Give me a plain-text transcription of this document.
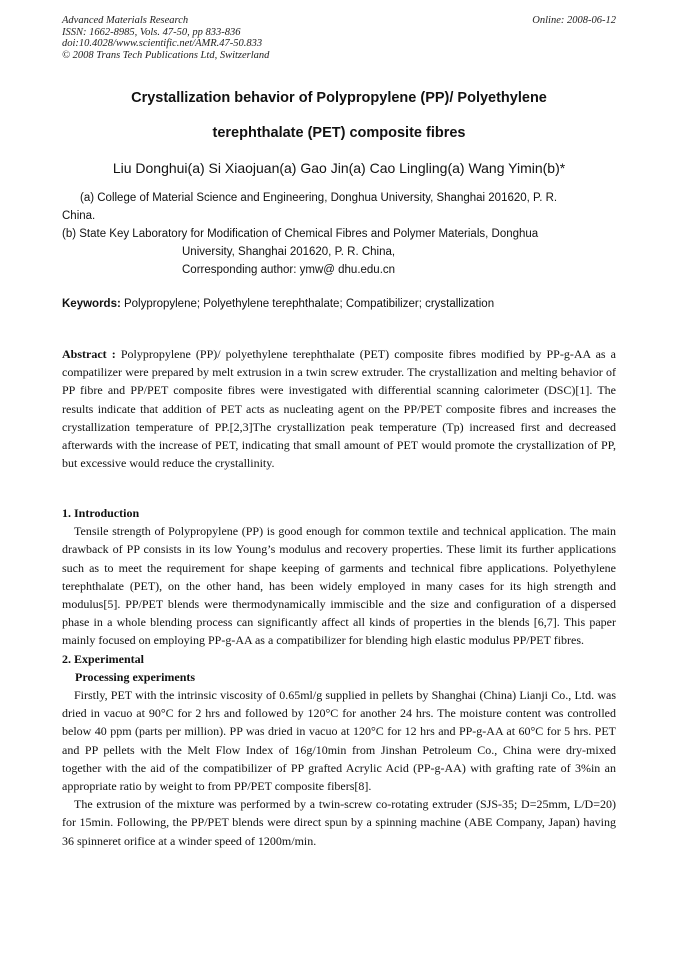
Advanced Materials Research
ISSN: 1662-8985, Vols. 47-50, pp 833-836
doi:10.4028/www.scientific.net/AMR.47-50.833
© 2008 Trans Tech Publications Ltd, Switzerland
Online: 2008-06-12
Crystallization behavior of Polypropylene (PP)/ Polyethylene
terephthalate (PET) composite fibres
Liu Donghui(a) Si Xiaojuan(a) Gao Jin(a) Cao Lingling(a) Wang Yimin(b)*
(a) College of Material Science and Engineering, Donghua University, Shanghai 201620, P. R.
China.
(b) State Key Laboratory for Modification of Chemical Fibres and Polymer Materials, Donghua
University, Shanghai 201620, P. R. China,
Corresponding author: ymw@ dhu.edu.cn
Keywords: Polypropylene; Polyethylene terephthalate; Compatibilizer; crystallization

Abstract : Polypropylene (PP)/ polyethylene terephthalate (PET) composite fibres modified by PP-g-AA as a compatilizer were prepared by melt extrusion in a twin screw extruder. The crystallization and melting behavior of PP fibre and PP/PET composite fibres were investigated with differential scanning calorimeter (DSC)[1]. The results indicate that addition of PET acts as nucleating agent on the PP/PET composite fibres and increases the crystallization temperature of PP.[2,3]The crystallization peak temperature (Tp) increased first and decreased afterwards with the increase of PET, indicating that small amount of PET would promote the crystallization of PP, but excessive would reduce the crystallinity.

1. Introduction

Tensile strength of Polypropylene (PP) is good enough for common textile and technical application. The main drawback of PP consists in its low Young’s modulus and recovery properties. These limit its further applications such as to meet the requirement for shape keeping of garments and technical fibre applications. Polyethylene terephthalate (PET), on the other hand, has been widely employed in many cases for its high strength and modulus[5]. PP/PET blends were thermodynamically immiscible and the size and configuration of a dispersed phase in a whole blending process can significantly affect all kinds of properties in the blends [6,7]. This paper mainly focused on employing PP-g-AA as a compatibilizer for blending high elastic modulus PP/PET fibres.

2. Experimental

Processing experiments

Firstly, PET with the intrinsic viscosity of 0.65ml/g supplied in pellets by Shanghai (China) Lianji Co., Ltd. was dried in vacuo at 90°C for 2 hrs and followed by 120°C for another 24 hrs. The moisture content was controlled below 40 ppm (parts per million). PP was dried in vacuo at 120°C for 12 hrs and PP-g-AA at 60°C for 5 hrs. PET and PP pellets with the Melt Flow Index of 16g/10min from Jinshan Petroleum Co., China were dry-mixed together with the aid of the compatibilizer of PP grafted Acrylic Acid (PP-g-AA) with grafting rate of 3%in an appropriate ratio by weight to from PP/PET composite fibers[8].

The extrusion of the mixture was performed by a twin-screw co-rotating extruder (SJS-35; D=25mm, L/D=20) for 15min. Following, the PP/PET blends were direct spun by a spinning machine (ABE Company, Japan) having 36 spinneret orifice at a winder speed of 1200m/min.
